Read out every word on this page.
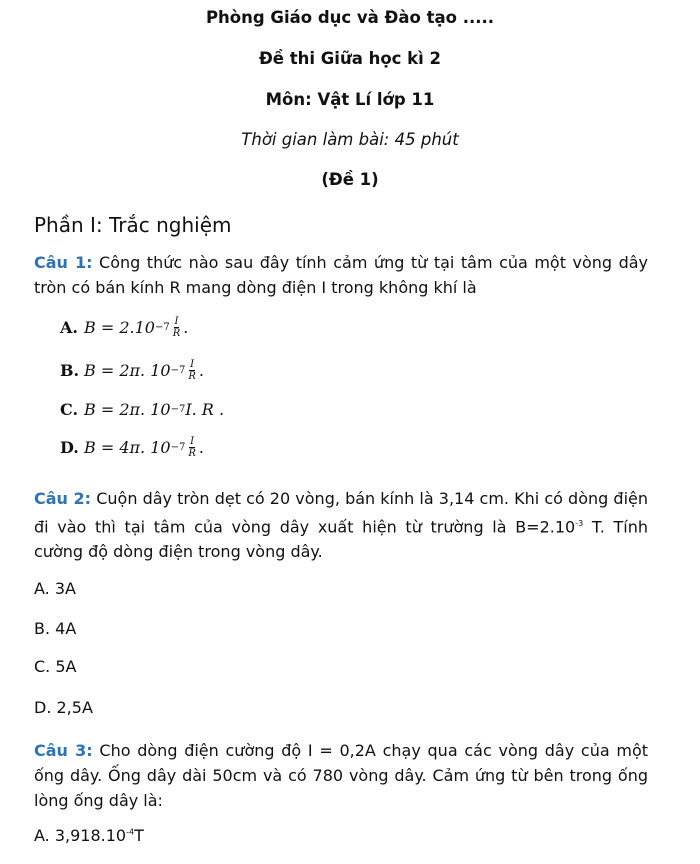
Phòng Giáo dục và Đào tạo .....
Đề thi Giữa học kì 2
Môn: Vật Lí lớp 11
Thời gian làm bài: 45 phút
(Đề 1)
Phần I: Trắc nghiệm
Câu 1: Công thức nào sau đây tính cảm ứng từ tại tâm của một vòng dây tròn có bán kính R mang dòng điện I trong không khí là
A. $B = 2.10 -7 \frac{I}{R}$ .
B. B = 2π. $10 -7 \frac{I}{R}$ .
C. B = 2π. 10 −7 I. R .
D. B = 4π. $10 -7 \frac{I}{R}$ .
Câu 2: Cuộn dây tròn dẹt có 20 vòng, bán kính là 3,14 cm. Khi có dòng điện đi vào thì tại tâm của vòng dây xuất hiện từ trường là $B=2.10^{-3}$ T. Tính cường độ dòng điện trong vòng dây.
A. 3A
B. 4A
C. 5A
D. 2,5A
Câu 3: Cho dòng điện cường độ I = 0,2A chạy qua các vòng dây của một ống dây. Ống dây dài 50cm và có 780 vòng dây. Cảm ứng từ bên trong ống lòng ống dây là:
A. $3,918.10^{-4}T$
